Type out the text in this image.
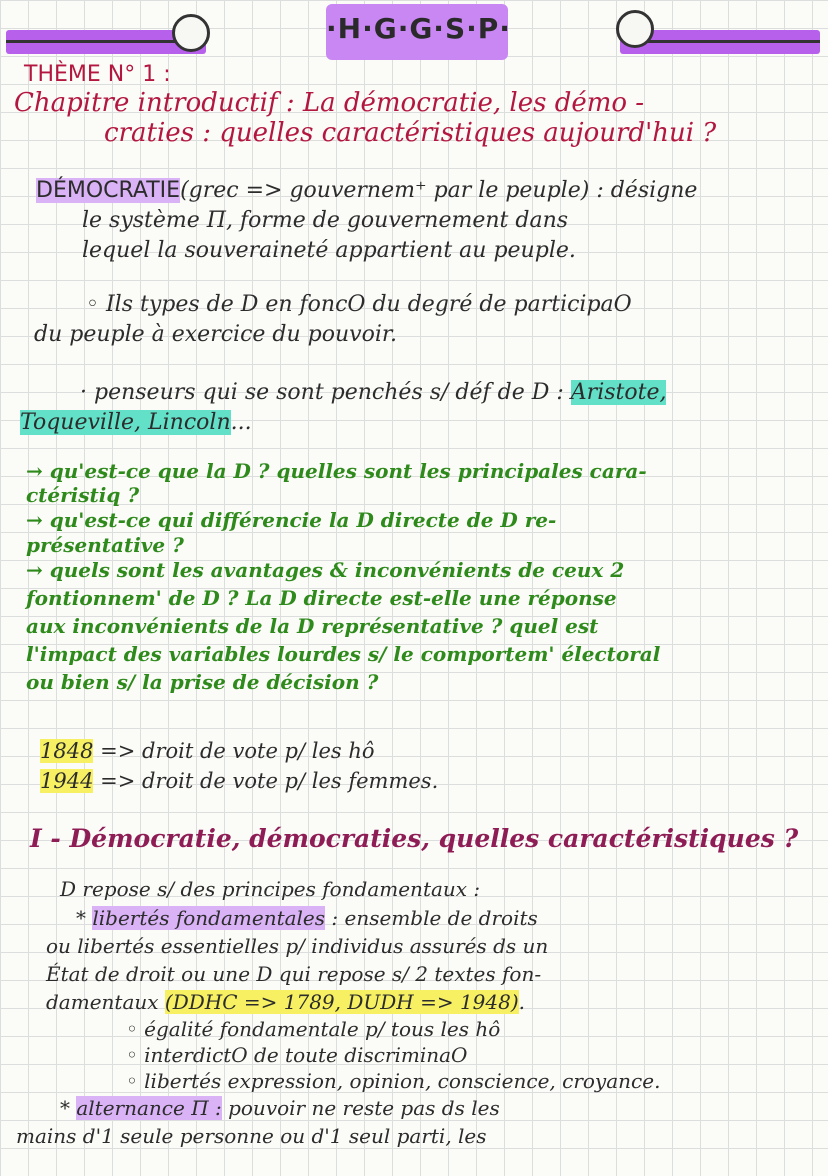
·H·G·G·S·P·
THÈME N° 1 :
Chapitre introductif : La démocratie, les démo -
craties : quelles caractéristiques aujourd'hui ?
DÉMOCRATIE(grec => gouvernem⁺ par le peuple) : désigne
le système Π, forme de gouvernement dans
lequel la souveraineté appartient au peuple.
◦ Ils types de D en foncO du degré de participaO
du peuple à exercice du pouvoir.
· penseurs qui se sont penchés s/ déf de D : Aristote,
Toqueville, Lincoln...
→ qu'est-ce que la D ? quelles sont les principales cara-
ctéristiq ?
→ qu'est-ce qui différencie la D directe de D re-
présentative ?
→ quels sont les avantages & inconvénients de ceux 2
fontionnem' de D ? La D directe est-elle une réponse
aux inconvénients de la D représentative ? quel est
l'impact des variables lourdes s/ le comportem' électoral
ou bien s/ la prise de décision ?
1848 => droit de vote p/ les hô
1944 => droit de vote p/ les femmes.
I - Démocratie, démocraties, quelles caractéristiques ?
D repose s/ des principes fondamentaux :
* libertés fondamentales : ensemble de droits
ou libertés essentielles p/ individus assurés ds un
État de droit ou une D qui repose s/ 2 textes fon-
damentaux (DDHC => 1789, DUDH => 1948).
◦ égalité fondamentale p/ tous les hô
◦ interdictO de toute discriminaO
◦ libertés expression, opinion, conscience, croyance.
* alternance Π : pouvoir ne reste pas ds les
mains d'1 seule personne ou d'1 seul parti, les
